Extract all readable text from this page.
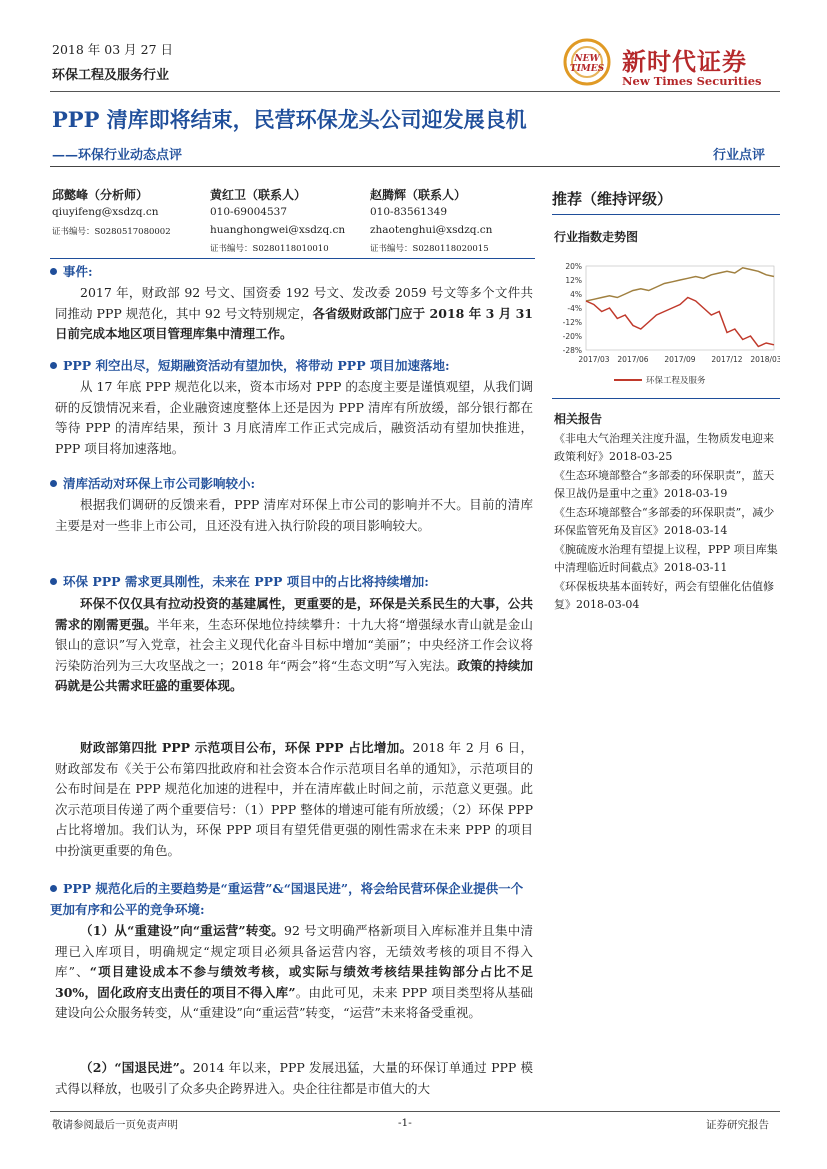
2018 年 03 月 27 日
环保工程及服务行业
NEW
TIMES 新时代证券
New Times Securities
PPP 清库即将结束，民营环保龙头公司迎发展良机
——环保行业动态点评	行业点评
邱懿峰（分析师）
qiuyifeng@xsdzq.cn
证书编号：S0280517080002
黄红卫（联系人）
010-69004537
huanghongwei@xsdzq.cn
证书编号：S0280118010010
赵腾辉（联系人）
010-83561349
zhaotenghui@xsdzq.cn
证书编号：S0280118020015
推荐（维持评级）
行业指数走势图
20%
12%
4%
-4%
-12%
-20%
-28%
2017/03 2017/06 2017/09 2017/12 2018/03
环保工程及服务
相关报告
《非电大气治理关注度升温，生物质发电迎来政策利好》2018-03-25
《生态环境部整合“多部委的环保职责”，蓝天保卫战仍是重中之重》2018-03-19
《生态环境部整合“多部委的环保职责”，减少环保监管死角及盲区》2018-03-14
《腕硫废水治理有望提上议程，PPP 项目库集中清理临近时间截点》2018-03-11
《环保板块基本面转好，两会有望催化估值修复》2018-03-04
事件:

2017 年，财政部 92 号文、国资委 192 号文、发改委 2059 号文等多个文件共同推动 PPP 规范化，其中 92 号文特别规定，各省级财政部门应于 2018 年 3 月 31 日前完成本地区项目管理库集中清理工作。

PPP 利空出尽，短期融资活动有望加快，将带动 PPP 项目加速落地:

从 17 年底 PPP 规范化以来，资本市场对 PPP 的态度主要是谨慎观望，从我们调研的反馈情况来看，企业融资速度整体上还是因为 PPP 清库有所放缓，部分银行都在等待 PPP 的清库结果，预计 3 月底清库工作正式完成后，融资活动有望加快推进，PPP 项目将加速落地。

清库活动对环保上市公司影响较小:

根据我们调研的反馈来看，PPP 清库对环保上市公司的影响并不大。目前的清库主要是对一些非上市公司，且还没有进入执行阶段的项目影响较大。

环保 PPP 需求更具刚性，未来在 PPP 项目中的占比将持续增加:

环保不仅仅具有拉动投资的基建属性，更重要的是，环保是关系民生的大事，公共需求的刚需更强。半年来，生态环保地位持续攀升：十九大将“增强绿水青山就是金山银山的意识”写入党章，社会主义现代化奋斗目标中增加“美丽”；中央经济工作会议将污染防治列为三大攻坚战之一；2018 年“两会”将“生态文明”写入宪法。政策的持续加码就是公共需求旺盛的重要体现。

财政部第四批 PPP 示范项目公布，环保 PPP 占比增加。2018 年 2 月 6 日，财政部发布《关于公布第四批政府和社会资本合作示范项目名单的通知》，示范项目的公布时间是在 PPP 规范化加速的进程中，并在清库截止时间之前，示范意义更强。此次示范项目传递了两个重要信号：（1）PPP 整体的增速可能有所放缓；（2）环保 PPP 占比将增加。我们认为，环保 PPP 项目有望凭借更强的刚性需求在未来 PPP 的项目中扮演更重要的角色。

PPP 规范化后的主要趋势是“重运营”&“国退民进”，将会给民营环保企业提供一个更加有序和公平的竞争环境:

（1）从“重建设”向“重运营”转变。92 号文明确严格新项目入库标准并且集中清理已入库项目，明确规定“规定项目必须具备运营内容，无绩效考核的项目不得入库”、“项目建设成本不参与绩效考核，或实际与绩效考核结果挂钩部分占比不足 30%，固化政府支出责任的项目不得入库”。由此可见，未来 PPP 项目类型将从基础建设向公众服务转变，从“重建设”向“重运营”转变，“运营”未来将备受重视。

（2）“国退民进”。2014 年以来，PPP 发展迅猛，大量的环保订单通过 PPP 模式得以释放，也吸引了众多央企跨界进入。央企往往都是市值大的大

敬请参阅最后一页免责声明	-1-	证券研究报告
